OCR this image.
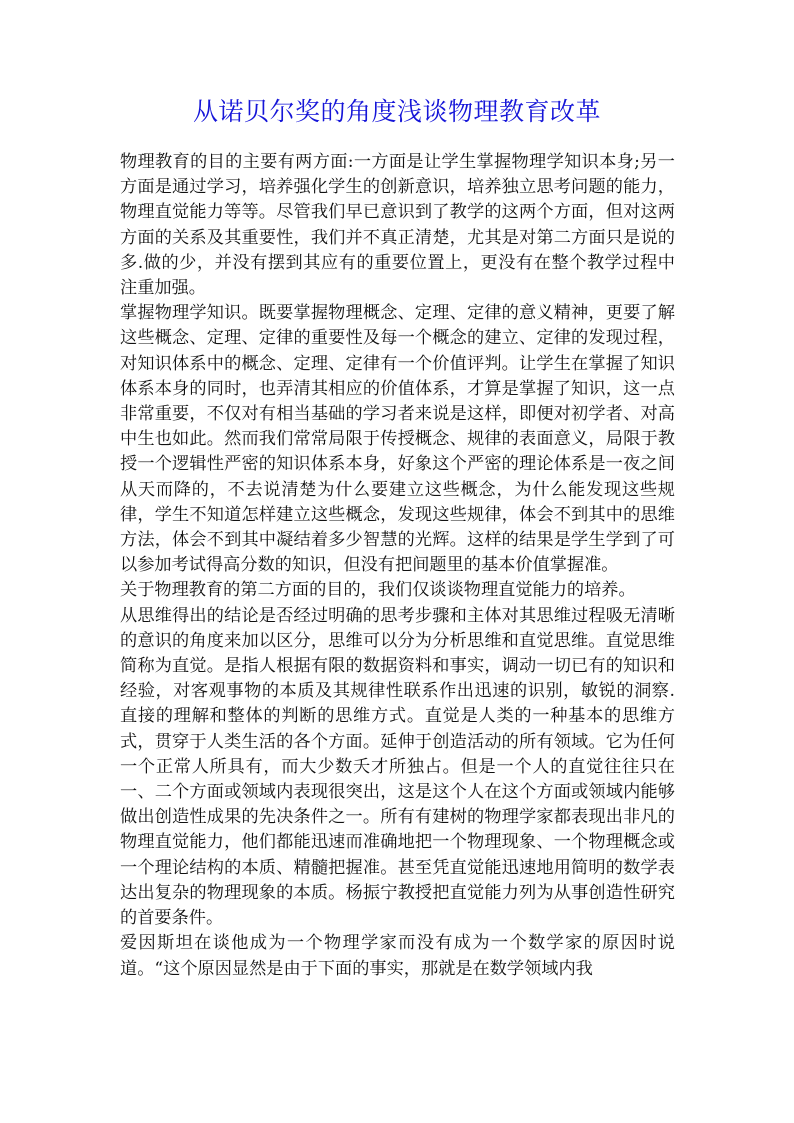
从诺贝尔奖的角度浅谈物理教育改革

物理教育的目的主要有两方面:一方面是让学生掌握物理学知识本身;另一方面是通过学习，培养强化学生的创新意识，培养独立思考问题的能力，物理直觉能力等等。尽管我们早已意识到了教学的这两个方面，但对这两方面的关系及其重要性，我们并不真正清楚，尤其是对第二方面只是说的多.做的少，并没有摆到其应有的重要位置上，更没有在整个教学过程中注重加强。

掌握物理学知识。既要掌握物理概念、定理、定律的意义精神，更要了解这些概念、定理、定律的重要性及每一个概念的建立、定律的发现过程，对知识体系中的概念、定理、定律有一个价值评判。让学生在掌握了知识体系本身的同时，也弄清其相应的价值体系，才算是掌握了知识，这一点非常重要，不仅对有相当基础的学习者来说是这样，即便对初学者、对高中生也如此。然而我们常常局限于传授概念、规律的表面意义，局限于教授一个逻辑性严密的知识体系本身，好象这个严密的理论体系是一夜之间从天而降的，不去说清楚为什么要建立这些概念，为什么能发现这些规律，学生不知道怎样建立这些概念，发现这些规律，体会不到其中的思维方法，体会不到其中凝结着多少智慧的光辉。这样的结果是学生学到了可以参加考试得高分数的知识，但没有把间题里的基本价值掌握准。

关于物理教育的第二方面的目的，我们仅谈谈物理直觉能力的培养。

从思维得出的结论是否经过明确的思考步骤和主体对其思维过程吸无清晰的意识的角度来加以区分，思维可以分为分析思维和直觉思维。直觉思维简称为直觉。是指人根据有限的数据资料和事实，调动一切已有的知识和经验，对客观事物的本质及其规律性联系作出迅速的识别，敏锐的洞察.直接的理解和整体的判断的思维方式。直觉是人类的一种基本的思维方式，贯穿于人类生活的各个方面。延伸于创造活动的所有领域。它为任何一个正常人所具有，而大少数夭才所独占。但是一个人的直觉往往只在一、二个方面或领域内表现很突出，这是这个人在这个方面或领域内能够做出创造性成果的先决条件之一。所有有建树的物理学家都表现出非凡的物理直觉能力，他们都能迅速而准确地把一个物理现象、一个物理概念或一个理论结构的本质、精髓把握准。甚至凭直觉能迅速地用简明的数学表达出复杂的物理现象的本质。杨振宁教授把直觉能力列为从事创造性研究的首要条件。

爱因斯坦在谈他成为一个物理学家而没有成为一个数学家的原因时说道。“这个原因显然是由于下面的事实，那就是在数学领域内我
